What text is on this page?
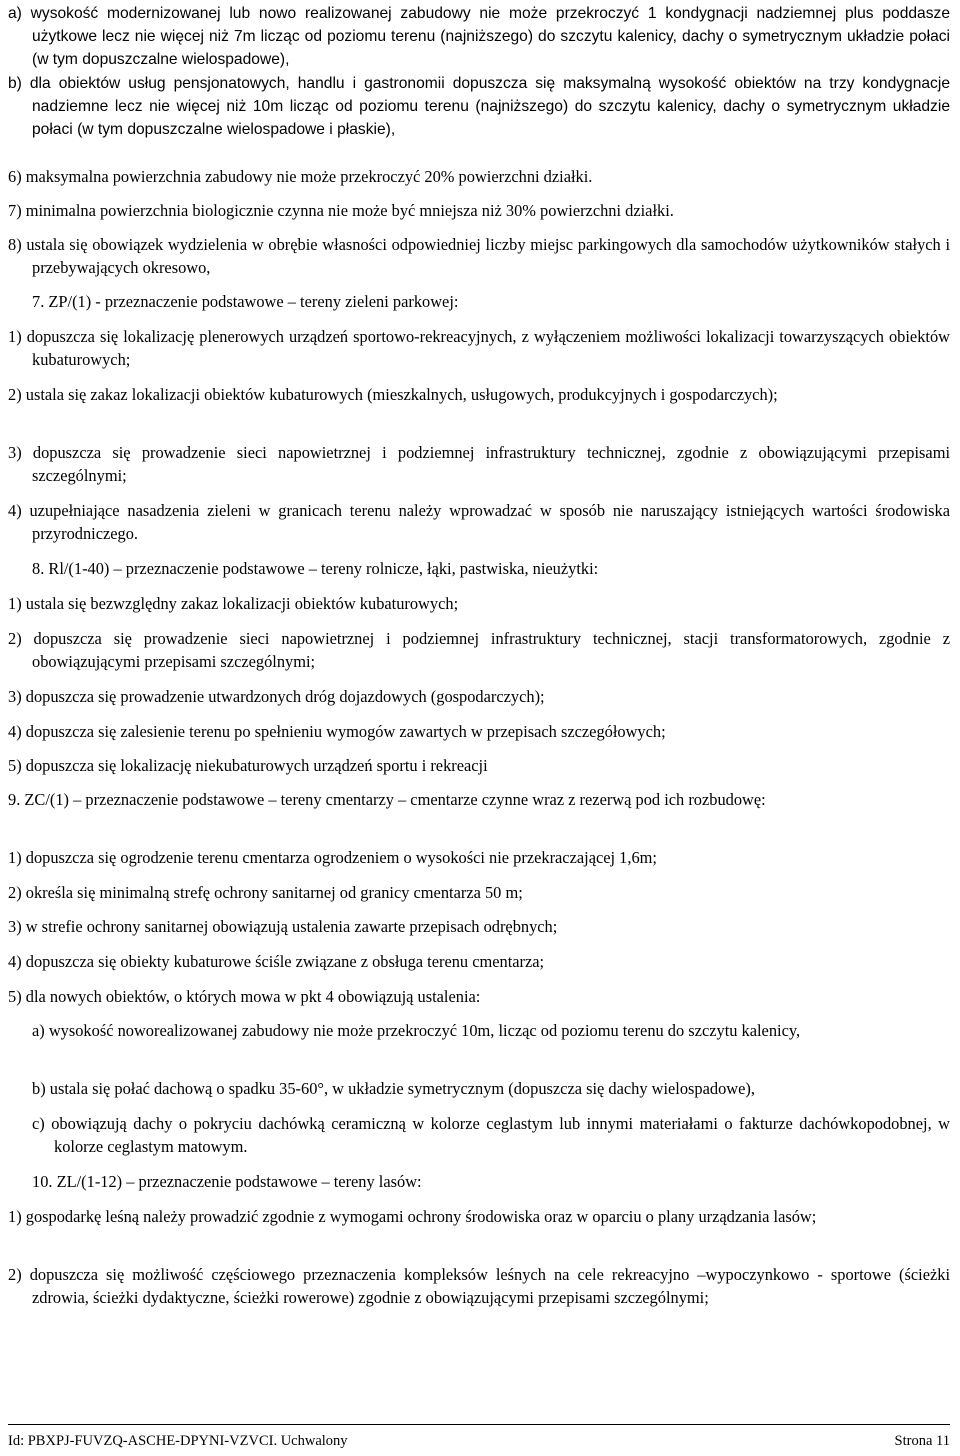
a) wysokość modernizowanej lub nowo realizowanej zabudowy nie może przekroczyć 1 kondygnacji nadziemnej plus poddasze użytkowe lecz nie więcej niż 7m licząc od poziomu terenu (najniższego) do szczytu kalenicy, dachy o symetrycznym układzie połaci (w tym dopuszczalne wielospadowe),
b) dla obiektów usług pensjonatowych, handlu i gastronomii dopuszcza się maksymalną wysokość obiektów na trzy kondygnacje nadziemne lecz nie więcej niż 10m licząc od poziomu terenu (najniższego) do szczytu kalenicy, dachy o symetrycznym układzie połaci (w tym dopuszczalne wielospadowe i płaskie),
6) maksymalna powierzchnia zabudowy nie może przekroczyć 20% powierzchni działki.
7) minimalna powierzchnia biologicznie czynna nie może być mniejsza niż 30% powierzchni działki.
8) ustala się obowiązek wydzielenia w obrębie własności odpowiedniej liczby miejsc parkingowych dla samochodów użytkowników stałych i przebywających okresowo,
7. ZP/(1) - przeznaczenie podstawowe – tereny zieleni parkowej:
1) dopuszcza się lokalizację plenerowych urządzeń sportowo-rekreacyjnych, z wyłączeniem możliwości lokalizacji towarzyszących obiektów kubaturowych;
2) ustala się zakaz lokalizacji obiektów kubaturowych (mieszkalnych, usługowych, produkcyjnych i gospodarczych);
3) dopuszcza się prowadzenie sieci napowietrznej i podziemnej infrastruktury technicznej, zgodnie z obowiązującymi przepisami szczególnymi;
4) uzupełniające nasadzenia zieleni w granicach terenu należy wprowadzać w sposób nie naruszający istniejących wartości środowiska przyrodniczego.
8. Rl/(1-40) – przeznaczenie podstawowe – tereny rolnicze, łąki, pastwiska, nieużytki:
1) ustala się bezwzględny zakaz lokalizacji obiektów kubaturowych;
2) dopuszcza się prowadzenie sieci napowietrznej i podziemnej infrastruktury technicznej, stacji transformatorowych, zgodnie z obowiązującymi przepisami szczególnymi;
3) dopuszcza się prowadzenie utwardzonych dróg dojazdowych (gospodarczych);
4) dopuszcza się zalesienie terenu po spełnieniu wymogów zawartych w przepisach szczegółowych;
5) dopuszcza się lokalizację niekubaturowych urządzeń sportu i rekreacji
9. ZC/(1) – przeznaczenie podstawowe – tereny cmentarzy – cmentarze czynne wraz z rezerwą pod ich rozbudowę:
1) dopuszcza się ogrodzenie terenu cmentarza ogrodzeniem o wysokości nie przekraczającej 1,6m;
2) określa się minimalną strefę ochrony sanitarnej od granicy cmentarza 50 m;
3) w strefie ochrony sanitarnej obowiązują ustalenia zawarte przepisach odrębnych;
4) dopuszcza się obiekty kubaturowe ściśle związane z obsługa terenu cmentarza;
5) dla nowych obiektów, o których mowa w pkt 4 obowiązują ustalenia:
a) wysokość noworealizowanej zabudowy nie może przekroczyć 10m, licząc od poziomu terenu do szczytu kalenicy,
b) ustala się połać dachową o spadku 35-60°, w układzie symetrycznym (dopuszcza się dachy wielospadowe),
c) obowiązują dachy o pokryciu dachówką ceramiczną w kolorze ceglastym lub innymi materiałami o fakturze dachówkopodobnej, w kolorze ceglastym matowym.
10. ZL/(1-12) – przeznaczenie podstawowe – tereny lasów:
1) gospodarkę leśną należy prowadzić zgodnie z wymogami ochrony środowiska oraz w oparciu o plany urządzania lasów;
2) dopuszcza się możliwość częściowego przeznaczenia kompleksów leśnych na cele rekreacyjno –wypoczynkowo - sportowe (ścieżki zdrowia, ścieżki dydaktyczne, ścieżki rowerowe) zgodnie z obowiązującymi przepisami szczególnymi;
Id: PBXPJ-FUVZQ-ASCHE-DPYNI-VZVCI. Uchwalony	Strona 11
